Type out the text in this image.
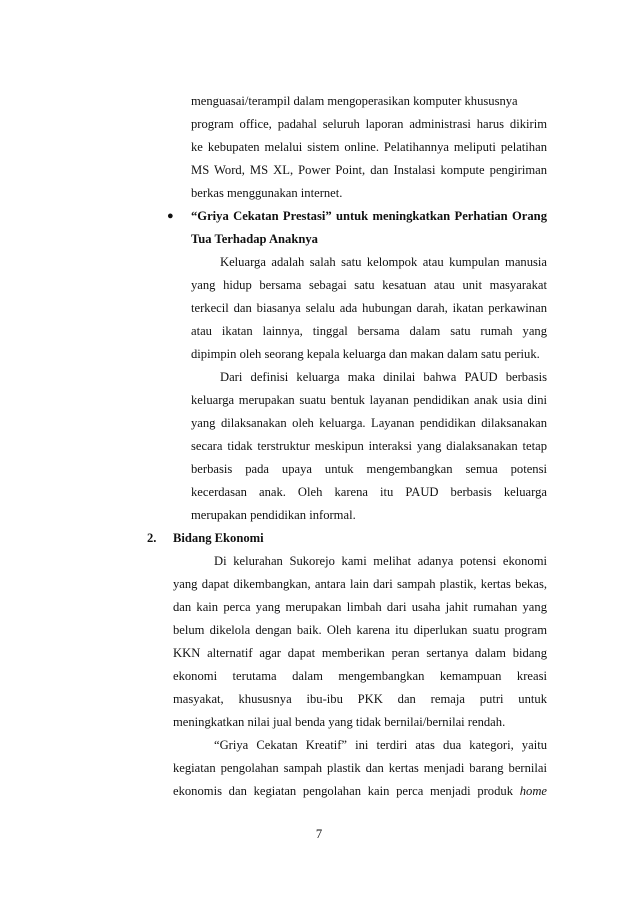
menguasai/terampil dalam mengoperasikan komputer khususnya
program office, padahal seluruh laporan administrasi harus dikirim
ke kebupaten melalui sistem online. Pelatihannya meliputi pelatihan
MS Word, MS XL, Power Point, dan Instalasi kompute pengiriman
berkas menggunakan internet.
● “Griya Cekatan Prestasi” untuk meningkatkan Perhatian Orang
Tua Terhadap Anaknya
Keluarga adalah salah satu kelompok atau kumpulan manusia
yang hidup bersama sebagai satu kesatuan atau unit masyarakat
terkecil dan biasanya selalu ada hubungan darah, ikatan perkawinan
atau ikatan lainnya, tinggal bersama dalam satu rumah yang
dipimpin oleh seorang kepala keluarga dan makan dalam satu periuk.
Dari definisi keluarga maka dinilai bahwa PAUD berbasis
keluarga merupakan suatu bentuk layanan pendidikan anak usia dini
yang dilaksanakan oleh keluarga. Layanan pendidikan dilaksanakan
secara tidak terstruktur meskipun interaksi yang dialaksanakan tetap
berbasis pada upaya untuk mengembangkan semua potensi
kecerdasan anak. Oleh karena itu PAUD berbasis keluarga
merupakan pendidikan informal.
2. Bidang Ekonomi
Di kelurahan Sukorejo kami melihat adanya potensi ekonomi
yang dapat dikembangkan, antara lain dari sampah plastik, kertas bekas,
dan kain perca yang merupakan limbah dari usaha jahit rumahan yang
belum dikelola dengan baik. Oleh karena itu diperlukan suatu program
KKN alternatif agar dapat memberikan peran sertanya dalam bidang
ekonomi terutama dalam mengembangkan kemampuan kreasi
masyakat, khususnya ibu-ibu PKK dan remaja putri untuk
meningkatkan nilai jual benda yang tidak bernilai/bernilai rendah.
“Griya Cekatan Kreatif” ini terdiri atas dua kategori, yaitu
kegiatan pengolahan sampah plastik dan kertas menjadi barang bernilai
ekonomis dan kegiatan pengolahan kain perca menjadi produk home
7
